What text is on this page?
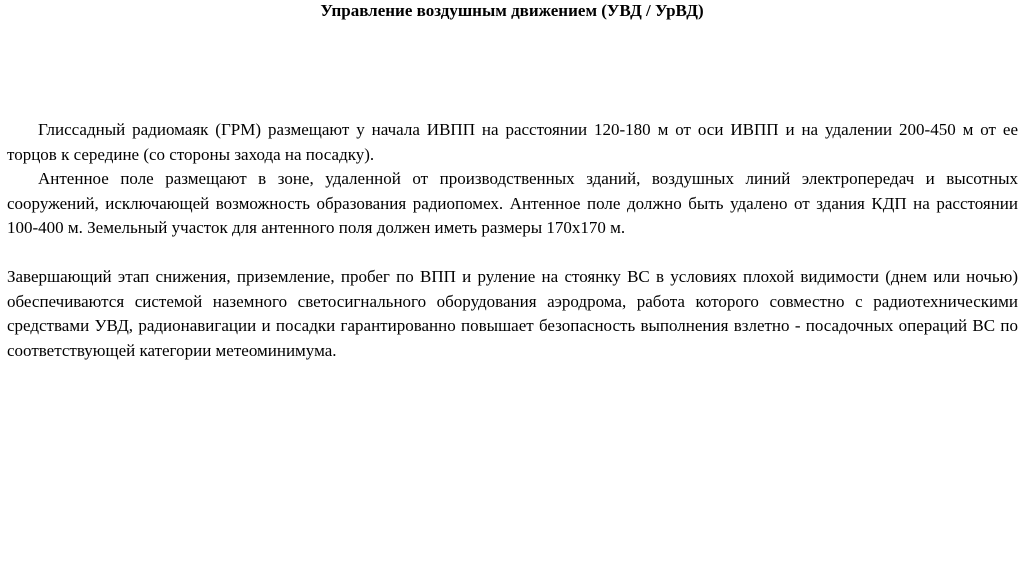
Управление воздушным движением (УВД / УрВД)

Глиссадный радиомаяк (ГРМ) размещают у начала ИВПП на расстоянии 120-180 м от оси ИВПП и на удалении 200-450 м от ее торцов к середине (со стороны захода на посадку).

Антенное поле размещают в зоне, удаленной от производственных зданий, воздушных линий электропередач и высотных сооружений, исключающей возможность образования радиопомех. Антенное поле должно быть удалено от здания КДП на расстоянии 100-400 м. Земельный участок для антенного поля должен иметь размеры 170х170 м.

Завершающий этап снижения, приземление, пробег по ВПП и руление на стоянку ВС в условиях плохой видимости (днем или ночью) обеспечиваются системой наземного светосигнального оборудования аэродрома, работа которого совместно с радиотехническими средствами УВД, радионавигации и посадки гарантированно повышает безопасность выполнения взлетно - посадочных операций ВС по соответствующей категории метеоминимума.
